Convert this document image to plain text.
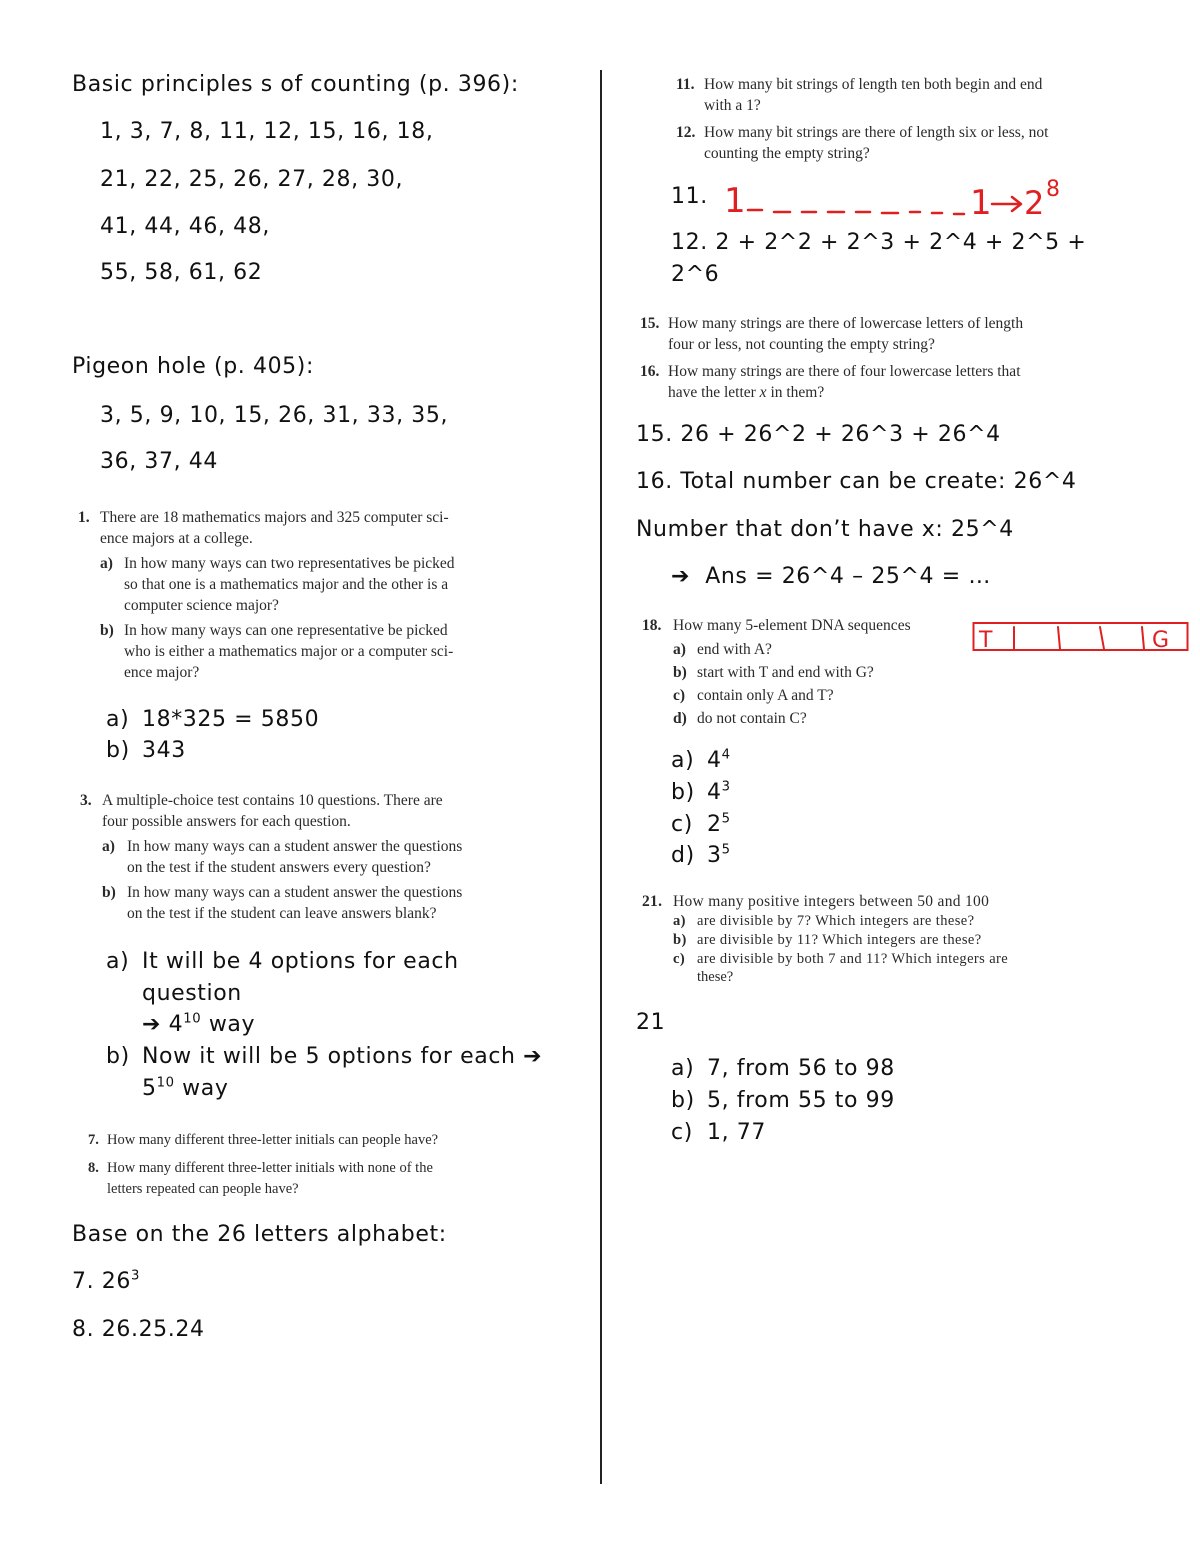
Basic principles s of counting (p. 396):
1, 3, 7, 8, 11, 12, 15, 16, 18,
21, 22, 25, 26, 27, 28, 30,
41, 44, 46, 48,
55, 58, 61, 62
Pigeon hole (p. 405):
3, 5, 9, 10, 15, 26, 31, 33, 35,
36, 37, 44
1. There are 18 mathematics majors and 325 computer sci-
ence majors at a college.
a) In how many ways can two representatives be picked
so that one is a mathematics major and the other is a
computer science major?
b) In how many ways can one representative be picked
who is either a mathematics major or a computer sci-
ence major?
a) 18*325 = 5850
b) 343
3. A multiple-choice test contains 10 questions. There are
four possible answers for each question.
a) In how many ways can a student answer the questions
on the test if the student answers every question?
b) In how many ways can a student answer the questions
on the test if the student can leave answers blank?
a) It will be 4 options for each
question
➔ $4^{10}$ way
b) Now it will be 5 options for each ➔
$5^{10}$ way
7. How many different three-letter initials can people have?
8. How many different three-letter initials with none of the
letters repeated can people have?
Base on the 26 letters alphabet:
7. $26^3$
8. 26.25.24
11. How many bit strings of length ten both begin and end
with a 1?
12. How many bit strings are there of length six or less, not
counting the empty string?
11. 1	1 2 8
12. 2 + 2^2 + 2^3 + 2^4 + 2^5 +
2^6
15. How many strings are there of lowercase letters of length
four or less, not counting the empty string?
16. How many strings are there of four lowercase letters that
have the letter x in them?
15. 26 + 26^2 + 26^3 + 26^4
16. Total number can be create: 26^4
Number that don’t have x: 25^4
➔ Ans = 26^4 – 25^4 = …
18. How many 5-element DNA sequences
a) end with A?
b) start with T and end with G?
c) contain only A and T?
d) do not contain C?
T	G
a) $4^4$
b) $4^3$
c) $2^5$
d) $3^5$
21. How many positive integers between 50 and 100
a) are divisible by 7? Which integers are these?
b) are divisible by 11? Which integers are these?
c) are divisible by both 7 and 11? Which integers are
these?
21
a) 7, from 56 to 98
b) 5, from 55 to 99
c) 1, 77
